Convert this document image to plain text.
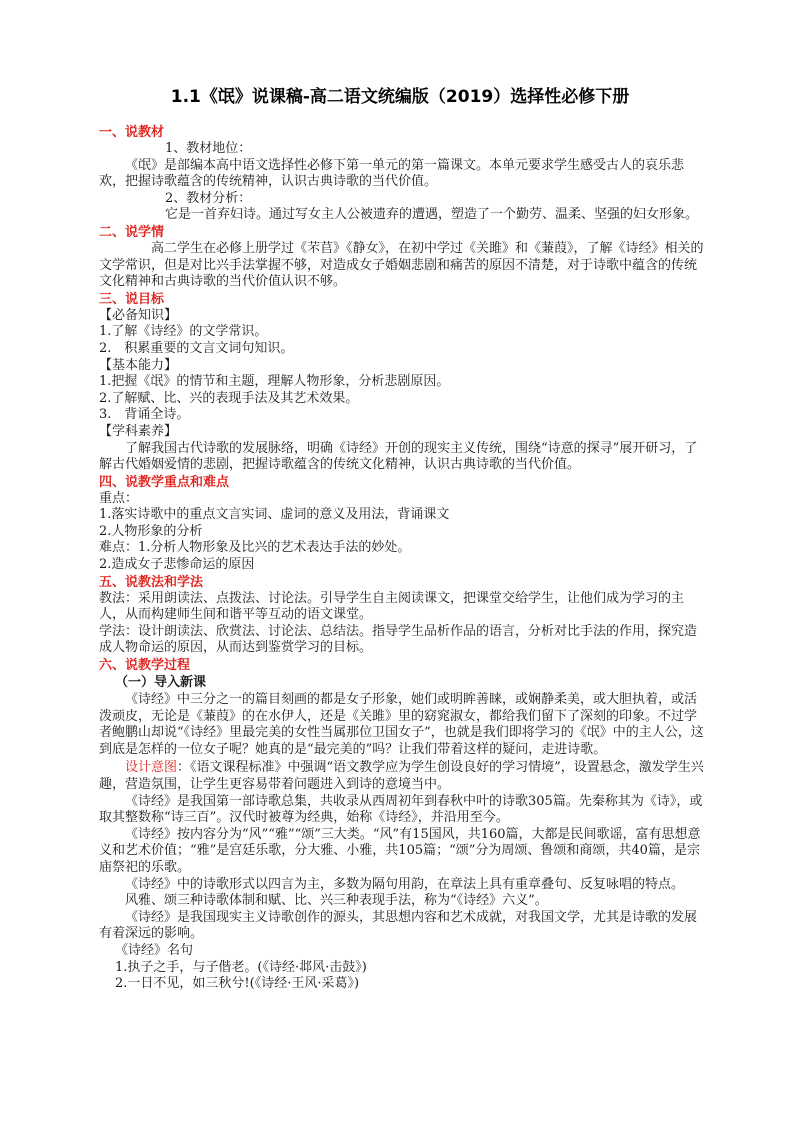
1.1《氓》说课稿-高二语文统编版（2019）选择性必修下册
一、说教材

1、教材地位：

《氓》是部编本高中语文选择性必修下第一单元的第一篇课文。本单元要求学生感受古人的哀乐悲欢，把握诗歌蕴含的传统精神，认识古典诗歌的当代价值。

2、教材分析：

它是一首弃妇诗。通过写女主人公被遗弃的遭遇，塑造了一个勤劳、温柔、坚强的妇女形象。

二、说学情

高二学生在必修上册学过《芣苢》《静女》，在初中学过《关雎》和《蒹葭》，了解《诗经》相关的文学常识，但是对比兴手法掌握不够，对造成女子婚姻悲剧和痛苦的原因不清楚，对于诗歌中蕴含的传统文化精神和古典诗歌的当代价值认识不够。

三、说目标

【必备知识】

1.了解《诗经》的文学常识。

2.　积累重要的文言文词句知识。

【基本能力】

1.把握《氓》的情节和主题，理解人物形象，分析悲剧原因。

2.了解赋、比、兴的表现手法及其艺术效果。

3.　背诵全诗。

【学科素养】

了解我国古代诗歌的发展脉络，明确《诗经》开创的现实主义传统，围绕“诗意的探寻”展开研习，了解古代婚姻爱情的悲剧，把握诗歌蕴含的传统文化精神，认识古典诗歌的当代价值。

四、说教学重点和难点

重点：

1.落实诗歌中的重点文言实词、虚词的意义及用法，背诵课文

2.人物形象的分析

难点：1.分析人物形象及比兴的艺术表达手法的妙处。

2.造成女子悲惨命运的原因

五、说教法和学法

教法：采用朗读法、点拨法、讨论法。引导学生自主阅读课文，把课堂交给学生，让他们成为学习的主人，从而构建师生间和谐平等互动的语文课堂。

学法：设计朗读法、欣赏法、讨论法、总结法。指导学生品析作品的语言，分析对比手法的作用，探究造成人物命运的原因，从而达到鉴赏学习的目标。

六、说教学过程
（一）导入新课

《诗经》中三分之一的篇目刻画的都是女子形象，她们或明眸善睐，或娴静柔美，或大胆执着，或活泼顽皮，无论是《蒹葭》的在水伊人，还是《关雎》里的窈窕淑女，都给我们留下了深刻的印象。不过学者鲍鹏山却说“《诗经》里最完美的女性当属那位卫国女子”，也就是我们即将学习的《氓》中的主人公，这到底是怎样的一位女子呢？她真的是“最完美的”吗？让我们带着这样的疑问，走进诗歌。

设计意图：《语文课程标准》中强调“语文教学应为学生创设良好的学习情境”，设置悬念，激发学生兴趣，营造氛围，让学生更容易带着问题进入到诗的意境当中。

《诗经》是我国第一部诗歌总集，共收录从西周初年到春秋中叶的诗歌305篇。先秦称其为《诗》，或取其整数称“诗三百”。汉代时被尊为经典，始称《诗经》，并沿用至今。

《诗经》按内容分为“风”“雅”“颂”三大类。“风”有15国风，共160篇，大都是民间歌谣，富有思想意义和艺术价值；“雅”是宫廷乐歌，分大雅、小雅，共105篇；“颂”分为周颂、鲁颂和商颂，共40篇，是宗庙祭祀的乐歌。

《诗经》中的诗歌形式以四言为主，多数为隔句用韵，在章法上具有重章叠句、反复咏唱的特点。

风雅、颂三种诗歌体制和赋、比、兴三种表现手法，称为“《诗经》六义”。

《诗经》是我国现实主义诗歌创作的源头，其思想内容和艺术成就，对我国文学，尤其是诗歌的发展有着深远的影响。

《诗经》名句

1.执子之手，与子偕老。(《诗经·邶风·击鼓》)

2.一日不见，如三秋兮!(《诗经·王风·采葛》)
